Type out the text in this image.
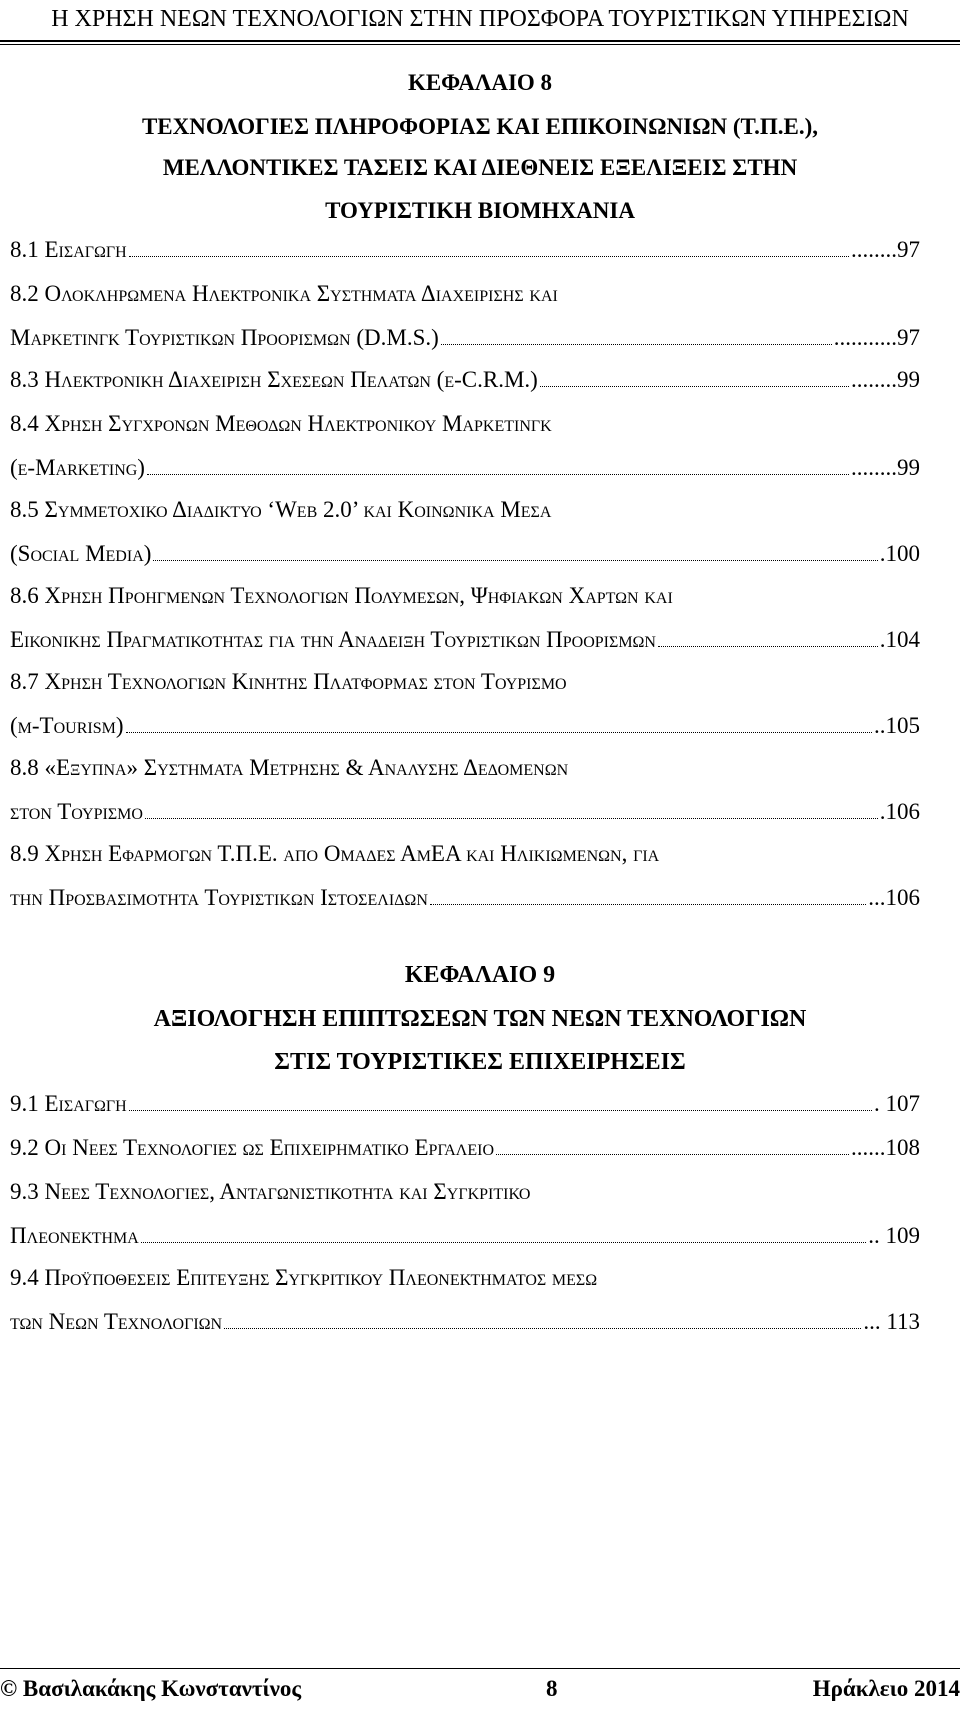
Η ΧΡΗΣΗ ΝΕΩΝ ΤΕΧΝΟΛΟΓΙΩΝ ΣΤΗΝ ΠΡΟΣΦΟΡΑ ΤΟΥΡΙΣΤΙΚΩΝ ΥΠΗΡΕΣΙΩΝ
ΚΕΦΑΛΑΙΟ 8
ΤΕΧΝΟΛΟΓΙΕΣ ΠΛΗΡΟΦΟΡΙΑΣ ΚΑΙ ΕΠΙΚΟΙΝΩΝΙΩΝ (Τ.Π.Ε.),
ΜΕΛΛΟΝΤΙΚΕΣ ΤΑΣΕΙΣ ΚΑΙ ΔΙΕΘΝΕΙΣ ΕΞΕΛΙΞΕΙΣ ΣΤΗΝ
ΤΟΥΡΙΣΤΙΚΗ ΒΙΟΜΗΧΑΝΙΑ
8.1 Εισαγωγη	........97
8.2 Ολοκληρωμενα Ηλεκτρονικα Συστηματα Διαχειρισης και
Μαρκετινγκ Τουριστικων Προορισμων (D.M.S.)	...........97
8.3 Ηλεκτρονικη Διαχειριση Σχεσεων Πελατων (e-C.R.M.)	........99
8.4 Χρηση Συγχρονων Μεθοδων Ηλεκτρονικου Μαρκετινγκ
(e-Marketing)	........99
8.5 Συμμετοχικο Διαδικτυο ‘Web 2.0’ και Κοινωνικα Μεσα
(Social Media)	.100
8.6 Χρηση Προηγμενων Τεχνολογιων Πολυμεσων, Ψηφιακων Χαρτων και
Εικονικης Πραγματικοτητας για την Αναδειξη Τουριστικων Προορισμων	.104
8.7 Χρηση Τεχνολογιων Κινητης Πλατφορμας στον Τουρισμο
(m-Tourism)	..105
8.8 «Εξυπνα» Συστηματα Μετρησης & Αναλυσης Δεδομενων
στον Τουρισμο	.106
8.9 Χρηση Εφαρμογων Τ.Π.Ε. απο Ομαδες ΑμΕΑ και Ηλικιωμενων, για
την Προσβασιμοτητα Τουριστικων Ιστοσελιδων	...106
ΚΕΦΑΛΑΙΟ 9
ΑΞΙΟΛΟΓΗΣΗ ΕΠΙΠΤΩΣΕΩΝ ΤΩΝ ΝΕΩΝ ΤΕΧΝΟΛΟΓΙΩΝ
ΣΤΙΣ ΤΟΥΡΙΣΤΙΚΕΣ ΕΠΙΧΕΙΡΗΣΕΙΣ
9.1 Εισαγωγη	. 107
9.2 Οι Νεες Τεχνολογιες ως Επιχειρηματικο Εργαλειο	......108
9.3 Νεες Τεχνολογιες, Ανταγωνιστικοτητα και Συγκριτικο
Πλεονεκτημα	.. 109
9.4 Προϋποθεσεις Επιτευξης Συγκριτικου Πλεονεκτηματος μεσω
των Νεων Τεχνολογιων	... 113
© Βασιλακάκης Κωνσταντίνος	8	Ηράκλειο 2014
